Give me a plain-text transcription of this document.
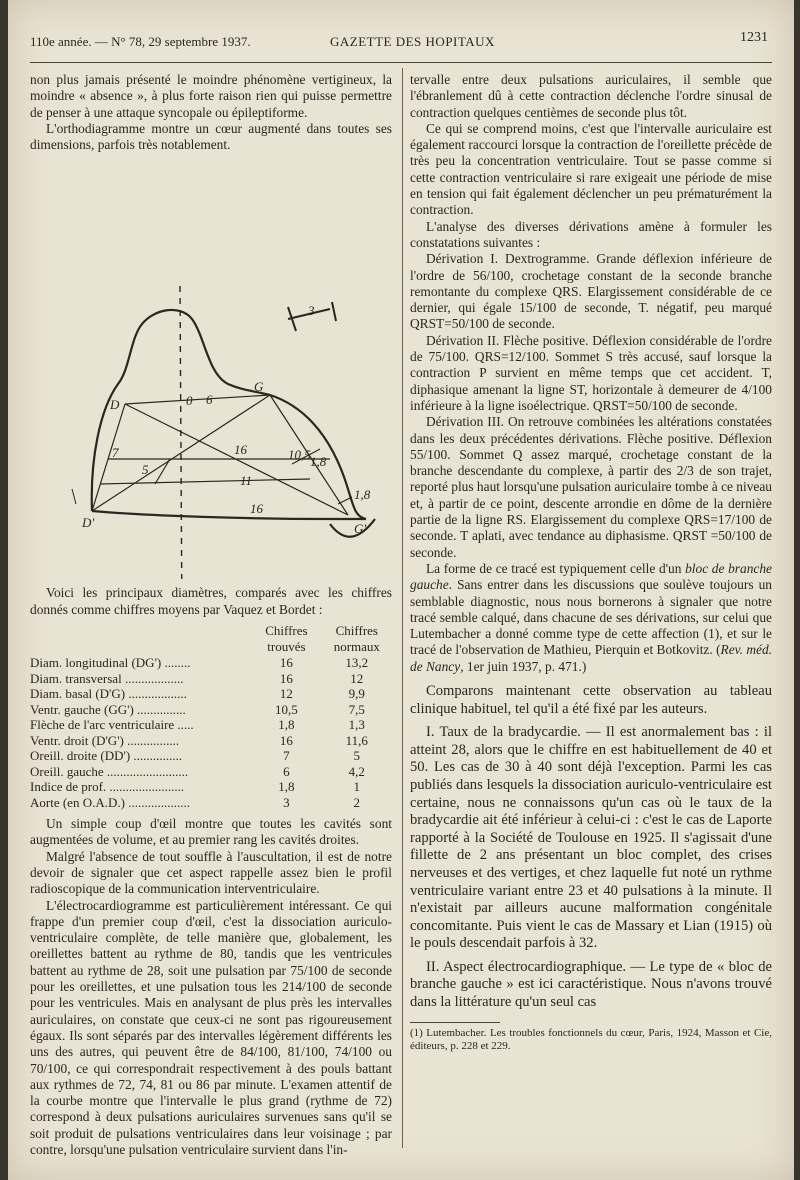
110e année. — N° 78, 29 septembre 1937.	GAZETTE DES HOPITAUX	1231

non plus jamais présenté le moindre phénomène vertigineux, la moindre « absence », à plus forte raison rien qui puisse permettre de penser à une attaque syncopale ou épileptiforme.

L'orthodiagramme montre un cœur augmenté dans toutes ses dimensions, parfois très notablement.

D
G
D'	G'
6
7
5
16
11
16
10,5 1,8
1,8
0
3

Voici les principaux diamètres, comparés avec les chiffres donnés comme chiffres moyens par Vaquez et Bordet :

	Chiffres trouvés	Chiffres normaux
Diam. longitudinal (DG') ........	16	13,2
Diam. transversal ..................	16	12
Diam. basal (D'G) ..................	12	9,9
Ventr. gauche (GG') ...............	10,5	7,5
Flèche de l'arc ventriculaire .....	1,8	1,3
Ventr. droit (D'G') ................	16	11,6
Oreill. droite (DD') ...............	7	5
Oreill. gauche .........................	6	4,2
Indice de prof. .......................	1,8	1
Aorte (en O.A.D.) ...................	3	2

Un simple coup d'œil montre que toutes les cavités sont augmentées de volume, et au premier rang les cavités droites.

Malgré l'absence de tout souffle à l'auscultation, il est de notre devoir de signaler que cet aspect rappelle assez bien le profil radioscopique de la communication interventriculaire.

L'électrocardiogramme est particulièrement intéressant. Ce qui frappe d'un premier coup d'œil, c'est la dissociation auriculo-ventriculaire complète, de telle manière que, globalement, les oreillettes battent au rythme de 80, tandis que les ventricules battent au rythme de 28, soit une pulsation par 75/100 de seconde pour les oreillettes, et une pulsation tous les 214/100 de seconde pour les ventricules. Mais en analysant de plus près les intervalles auriculaires, on constate que ceux-ci ne sont pas rigoureusement égaux. Ils sont séparés par des intervalles légèrement différents les uns des autres, qui peuvent être de 84/100, 81/100, 74/100 ou 70/100, ce qui correspondrait respectivement à des pouls battant aux rythmes de 72, 74, 81 ou 86 par minute. L'examen attentif de la courbe montre que l'intervalle le plus grand (rythme de 72) correspond à deux pulsations auriculaires survenues sans qu'il se soit produit de pulsations ventriculaires dans leur voisinage ; par contre, lorsqu'une pulsation ventriculaire survient dans l'in-

tervalle entre deux pulsations auriculaires, il semble que l'ébranlement dû à cette contraction déclenche l'ordre sinusal de contraction quelques centièmes de seconde plus tôt.

Ce qui se comprend moins, c'est que l'intervalle auriculaire est également raccourci lorsque la contraction de l'oreillette précède de très peu la concentration ventriculaire. Tout se passe comme si cette contraction ventriculaire si rare exigeait une période de mise en tension qui fait également déclencher un peu prématurément la contraction.

L'analyse des diverses dérivations amène à formuler les constatations suivantes :

Dérivation I. Dextrogramme. Grande déflexion inférieure de l'ordre de 56/100, crochetage constant de la seconde branche remontante du complexe QRS. Elargissement considérable de ce dernier, qui égale 15/100 de seconde, T. négatif, peu marqué QRST=50/100 de seconde.

Dérivation II. Flèche positive. Déflexion considérable de l'ordre de 75/100. QRS=12/100. Sommet S très accusé, sauf lorsque la contraction P survient en même temps que cet accident. T, diphasique amenant la ligne ST, horizontale à demeurer de 4/100 inférieure à la ligne isoélectrique. QRST=50/100 de seconde.

Dérivation III. On retrouve combinées les altérations constatées dans les deux précédentes dérivations. Flèche positive. Déflexion 55/100. Sommet Q assez marqué, crochetage constant de la branche descendante du complexe, à partir des 2/3 de son trajet, reporté plus haut lorsqu'une pulsation auriculaire tombe à ce niveau et, à partir de ce point, descente arrondie en dôme de la dernière partie de la ligne RS. Elargissement du complexe QRS=17/100 de seconde. T aplati, avec tendance au diphasisme. QRST =50/100 de seconde.

La forme de ce tracé est typiquement celle d'un bloc de branche gauche. Sans entrer dans les discussions que soulève toujours un semblable diagnostic, nous nous bornerons à signaler que notre tracé semble calqué, dans chacune de ses dérivations, sur celui que Lutembacher a donné comme type de cette affection (1), et sur le tracé de l'observation de Mathieu, Pierquin et Botkovitz. (Rev. méd. de Nancy, 1er juin 1937, p. 471.)

Comparons maintenant cette observation au tableau clinique habituel, tel qu'il a été fixé par les auteurs.

I. Taux de la bradycardie. — Il est anormalement bas : il atteint 28, alors que le chiffre en est habituellement de 40 et 50. Les cas de 30 à 40 sont déjà l'exception. Parmi les cas publiés dans lesquels la dissociation auriculo-ventriculaire est certaine, nous ne connaissons qu'un cas où le taux de la bradycardie ait été inférieur à celui-ci : c'est le cas de Laporte rapporté à la Société de Toulouse en 1925. Il s'agissait d'une fillette de 2 ans présentant un bloc complet, des crises nerveuses et des vertiges, et chez laquelle fut noté un rythme ventriculaire variant entre 23 et 40 pulsations à la minute. Il n'existait par ailleurs aucune malformation congénitale concomitante. Puis vient le cas de Massary et Lian (1915) où le pouls descendait parfois à 32.

II. Aspect électrocardiographique. — Le type de « bloc de branche gauche » est ici caractéristique. Nous n'avons trouvé dans la littérature qu'un seul cas

(1) Lutembacher. Les troubles fonctionnels du cœur, Paris, 1924, Masson et Cie, éditeurs, p. 228 et 229.
